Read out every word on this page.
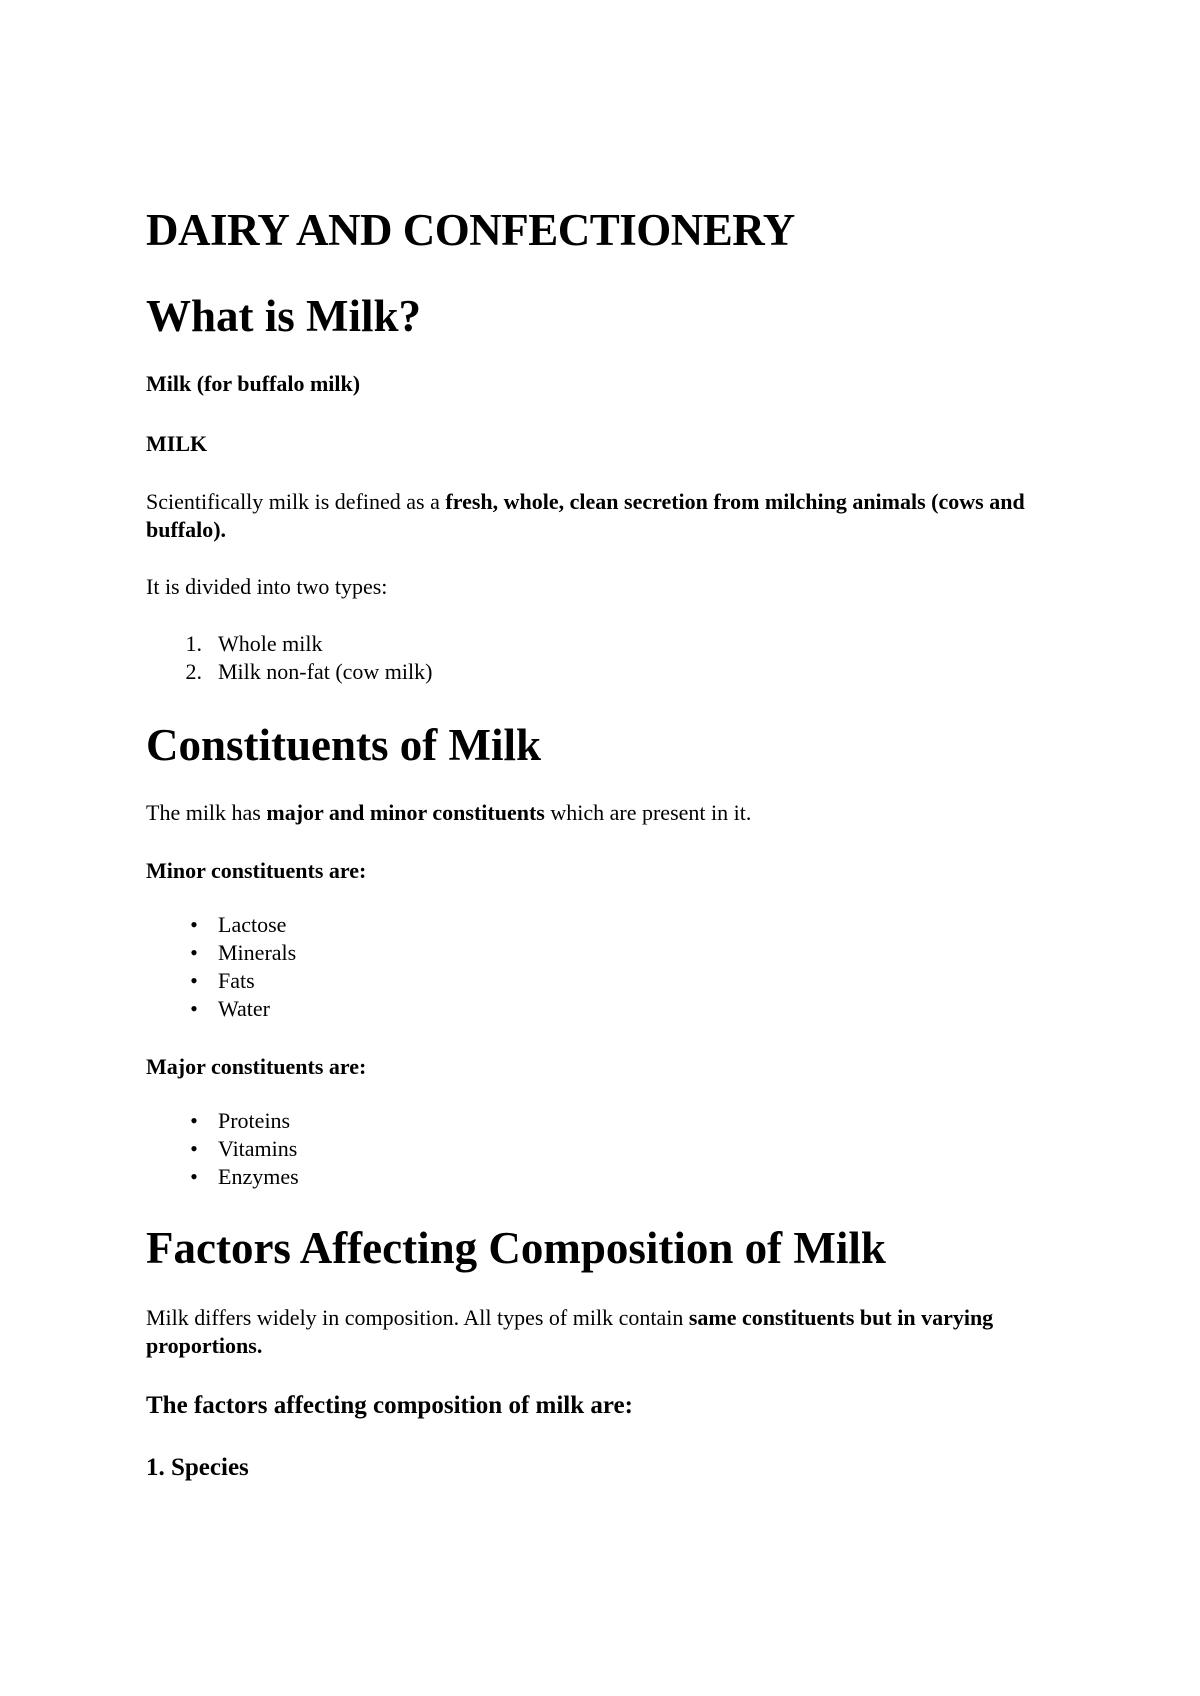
DAIRY AND CONFECTIONERY
What is Milk?

Milk (for buffalo milk)

MILK

Scientifically milk is defined as a fresh, whole, clean secretion from milching animals (cows and buffalo).

It is divided into two types:

1. Whole milk
2. Milk non-fat (cow milk)
Constituents of Milk

The milk has major and minor constituents which are present in it.

Minor constituents are:

• Lactose
• Minerals
• Fats
• Water

Major constituents are:

• Proteins
• Vitamins
• Enzymes
Factors Affecting Composition of Milk

Milk differs widely in composition. All types of milk contain same constituents but in varying proportions.

The factors affecting composition of milk are:
1. Species
